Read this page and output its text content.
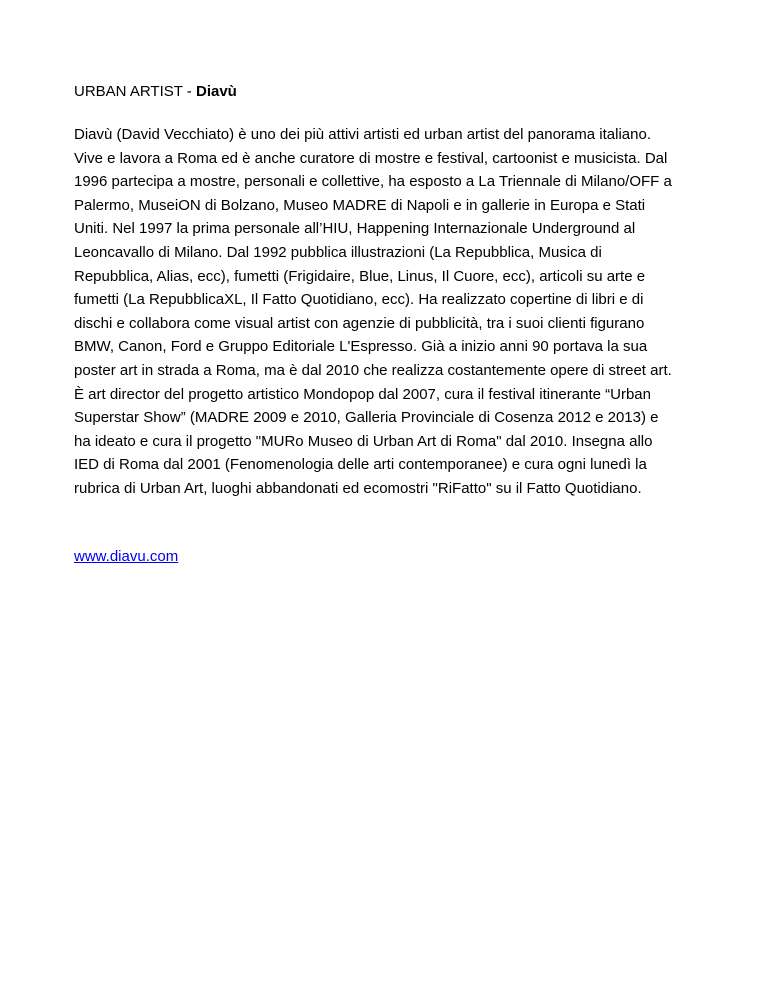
URBAN ARTIST - Diavù
Diavù (David Vecchiato) è uno dei più attivi artisti ed urban artist del panorama italiano.
Vive e lavora a Roma ed è anche curatore di mostre e festival, cartoonist e musicista. Dal
1996 partecipa a mostre, personali e collettive, ha esposto a La Triennale di Milano/OFF a
Palermo, MuseiON di Bolzano, Museo MADRE di Napoli e in gallerie in Europa e Stati
Uniti. Nel 1997 la prima personale all’HIU, Happening Internazionale Underground al
Leoncavallo di Milano. Dal 1992 pubblica illustrazioni (La Repubblica, Musica di
Repubblica, Alias, ecc), fumetti (Frigidaire, Blue, Linus, Il Cuore, ecc), articoli su arte e
fumetti (La RepubblicaXL, Il Fatto Quotidiano, ecc). Ha realizzato copertine di libri e di
dischi e collabora come visual artist con agenzie di pubblicità, tra i suoi clienti figurano
BMW, Canon, Ford e Gruppo Editoriale L'Espresso. Già a inizio anni 90 portava la sua
poster art in strada a Roma, ma è dal 2010 che realizza costantemente opere di street art.
È art director del progetto artistico Mondopop dal 2007, cura il festival itinerante “Urban
Superstar Show” (MADRE 2009 e 2010, Galleria Provinciale di Cosenza 2012 e 2013) e
ha ideato e cura il progetto "MURo Museo di Urban Art di Roma" dal 2010. Insegna allo
IED di Roma dal 2001 (Fenomenologia delle arti contemporanee) e cura ogni lunedì la
rubrica di Urban Art, luoghi abbandonati ed ecomostri "RiFatto" su il Fatto Quotidiano.
www.diavu.com
